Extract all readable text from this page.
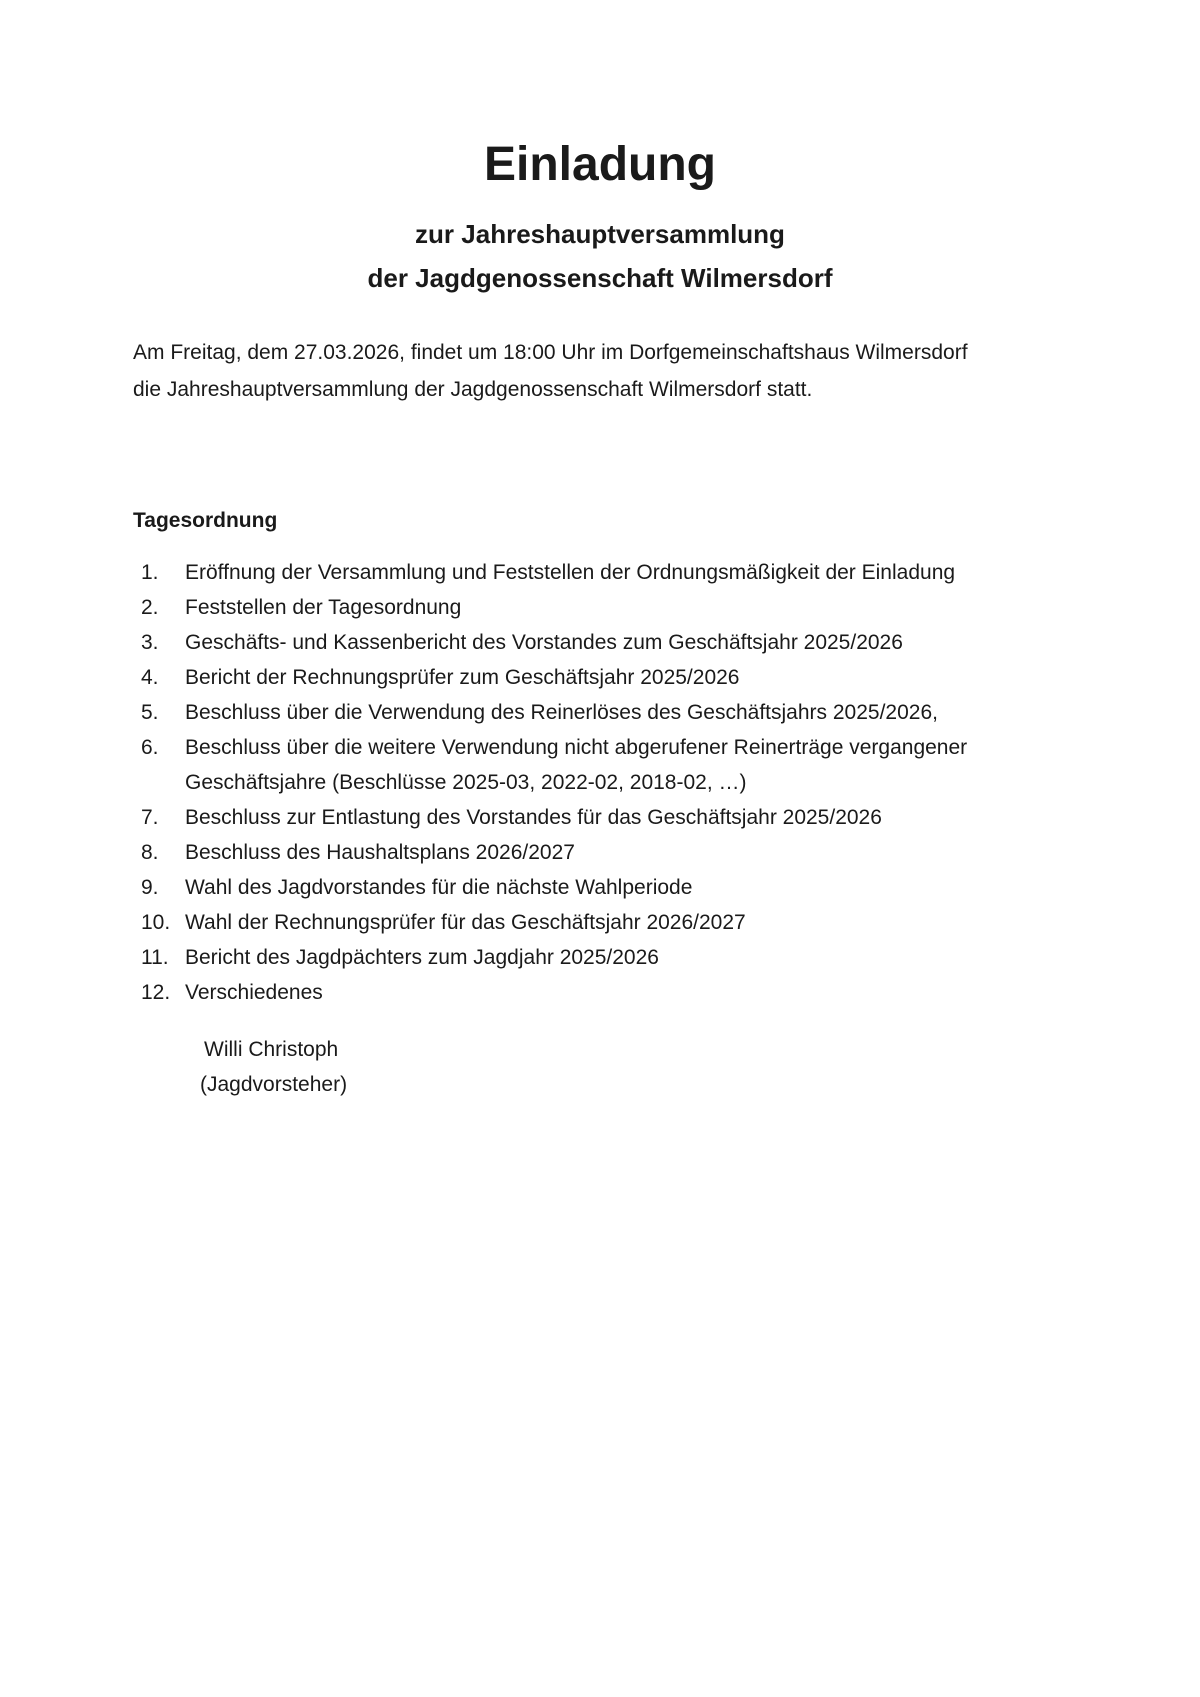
Einladung
zur Jahreshauptversammlung
der Jagdgenossenschaft Wilmersdorf
Am Freitag, dem 27.03.2026, findet um 18:00 Uhr im Dorfgemeinschaftshaus Wilmersdorf
die Jahreshauptversammlung der Jagdgenossenschaft Wilmersdorf statt.
Tagesordnung
1.	Eröffnung der Versammlung und Feststellen der Ordnungsmäßigkeit der Einladung
2.	Feststellen der Tagesordnung
3.	Geschäfts- und Kassenbericht des Vorstandes zum Geschäftsjahr 2025/2026
4.	Bericht der Rechnungsprüfer zum Geschäftsjahr 2025/2026
5.	Beschluss über die Verwendung des Reinerlöses des Geschäftsjahrs 2025/2026,
6.	Beschluss über die weitere Verwendung nicht abgerufener Reinerträge vergangener Geschäftsjahre (Beschlüsse 2025-03, 2022-02, 2018-02, …)
7.	Beschluss zur Entlastung des Vorstandes für das Geschäftsjahr 2025/2026
8.	Beschluss des Haushaltsplans 2026/2027
9.	Wahl des Jagdvorstandes für die nächste Wahlperiode
10. Wahl der Rechnungsprüfer für das Geschäftsjahr 2026/2027
11. Bericht des Jagdpächters zum Jagdjahr 2025/2026
12. Verschiedenes
Willi Christoph
(Jagdvorsteher)
